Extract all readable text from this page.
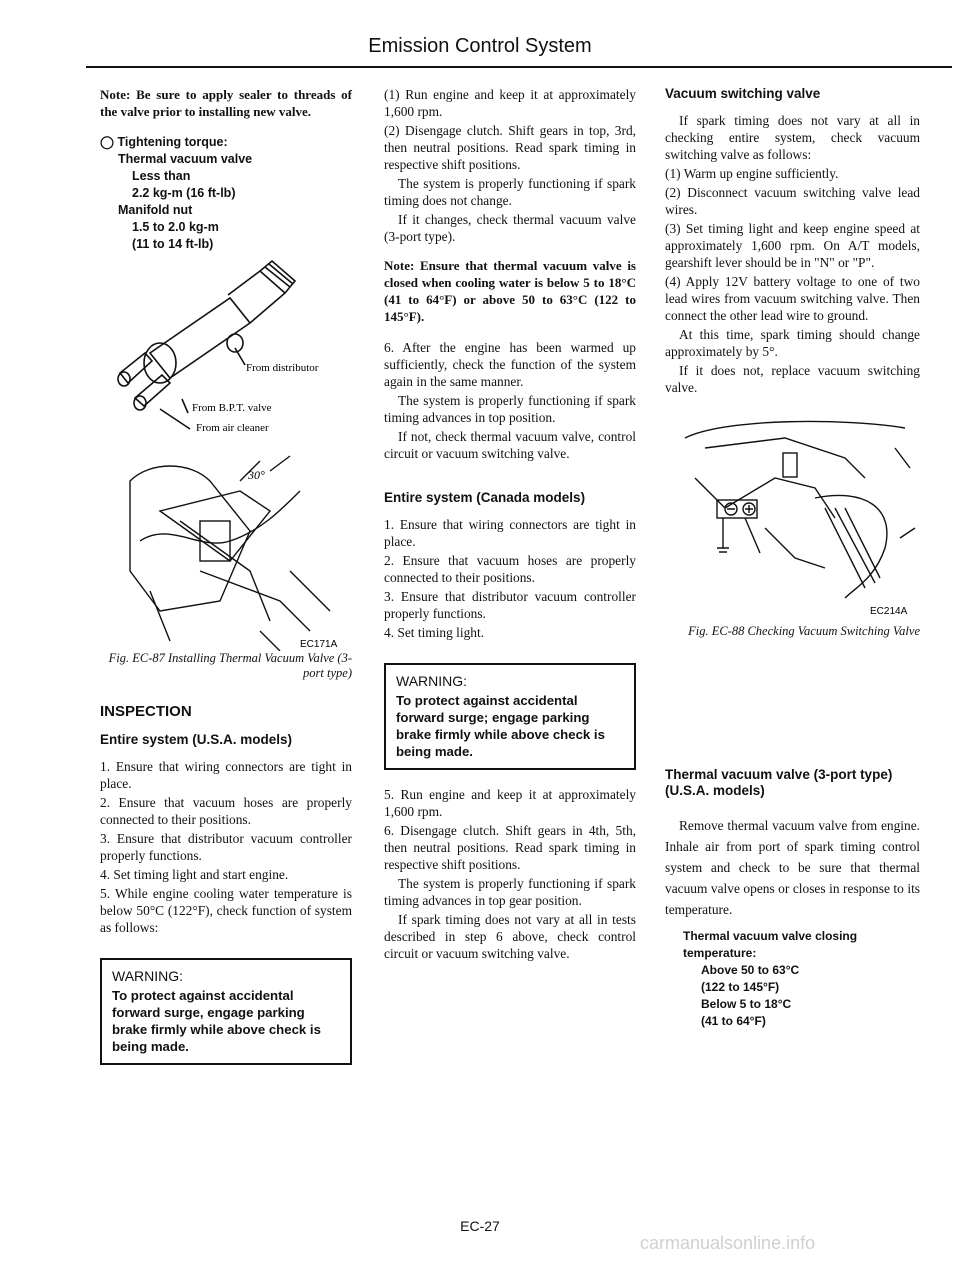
Emission Control System

Note: Be sure to apply sealer to threads of the valve prior to installing new valve.

◯ Tightening torque:
Thermal vacuum valve
Less than
2.2 kg-m (16 ft-lb)
Manifold nut
1.5 to 2.0 kg-m
(11 to 14 ft-lb)
From distributor
From B.P.T. valve
From air cleaner
30°
EC171A
Fig. EC-87 Installing Thermal Vacuum Valve (3-port type)
INSPECTION
Entire system (U.S.A. models)

1. Ensure that wiring connectors are tight in place.

2. Ensure that vacuum hoses are properly connected to their positions.

3. Ensure that distributor vacuum controller properly functions.

4. Set timing light and start engine.

5. While engine cooling water temperature is below 50°C (122°F), check function of system as follows:

WARNING:
To protect against accidental forward surge, engage parking brake firmly while above check is being made.

(1) Run engine and keep it at approximately 1,600 rpm.

(2) Disengage clutch. Shift gears in top, 3rd, then neutral positions. Read spark timing in respective shift positions.

The system is properly functioning if spark timing does not change.

If it changes, check thermal vacuum valve (3-port type).

Note: Ensure that thermal vacuum valve is closed when cooling water is below 5 to 18°C (41 to 64°F) or above 50 to 63°C (122 to 145°F).

6. After the engine has been warmed up sufficiently, check the function of the system again in the same manner.

The system is properly functioning if spark timing advances in top position.

If not, check thermal vacuum valve, control circuit or vacuum switching valve.

Entire system (Canada models)

1. Ensure that wiring connectors are tight in place.

2. Ensure that vacuum hoses are properly connected to their positions.

3. Ensure that distributor vacuum controller properly functions.

4. Set timing light.

WARNING:
To protect against accidental forward surge; engage parking brake firmly while above check is being made.

5. Run engine and keep it at approximately 1,600 rpm.

6. Disengage clutch. Shift gears in 4th, 5th, then neutral positions. Read spark timing in respective shift positions.

The system is properly functioning if spark timing advances in top gear position.

If spark timing does not vary at all in tests described in step 6 above, check control circuit or vacuum switching valve.

Vacuum switching valve

If spark timing does not vary at all in checking entire system, check vacuum switching valve as follows:

(1) Warm up engine sufficiently.

(2) Disconnect vacuum switching valve lead wires.

(3) Set timing light and keep engine speed at approximately 1,600 rpm. On A/T models, gearshift lever should be in "N" or "P".

(4) Apply 12V battery voltage to one of two lead wires from vacuum switching valve. Then connect the other lead wire to ground.

At this time, spark timing should change approximately by 5°.

If it does not, replace vacuum switching valve.

EC214A
Fig. EC-88 Checking Vacuum Switching Valve
Thermal vacuum valve (3-port type) (U.S.A. models)

Remove thermal vacuum valve from engine. Inhale air from port of spark timing control system and check to be sure that thermal vacuum valve opens or closes in response to its temperature.

Thermal vacuum valve closing
temperature:
Above 50 to 63°C
(122 to 145°F)
Below 5 to 18°C
(41 to 64°F)
EC-27
carmanualsonline.info
